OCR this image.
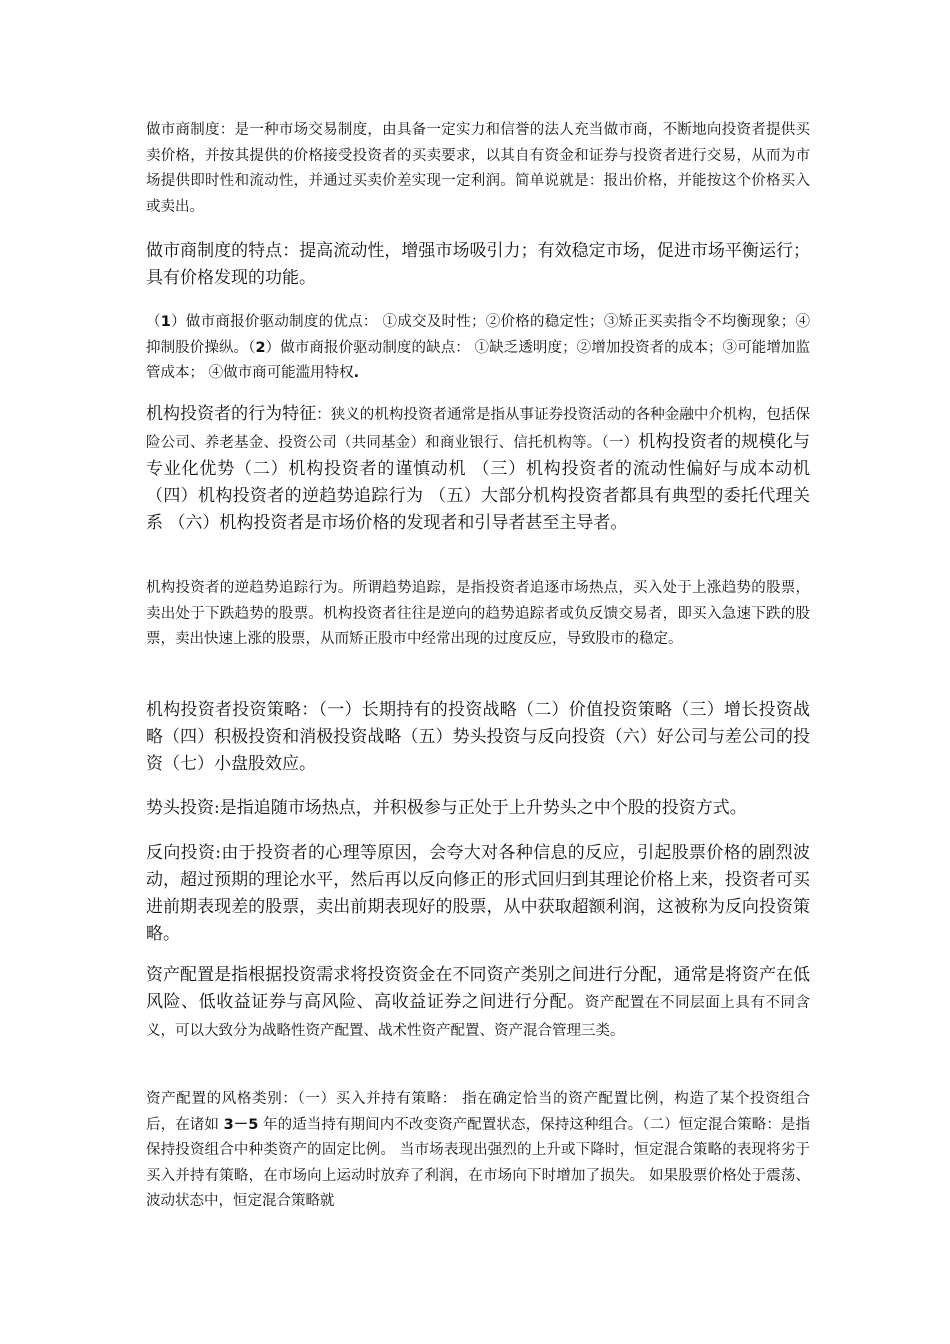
做市商制度：是一种市场交易制度，由具备一定实力和信誉的法人充当做市商，不断地向投资者提供买卖价格，并按其提供的价格接受投资者的买卖要求，以其自有资金和证券与投资者进行交易，从而为市场提供即时性和流动性，并通过买卖价差实现一定利润。简单说就是：报出价格，并能按这个价格买入或卖出。

做市商制度的特点：提高流动性，增强市场吸引力；有效稳定市场，促进市场平衡运行；具有价格发现的功能。

（1）做市商报价驱动制度的优点： ①成交及时性；②价格的稳定性；③矫正买卖指令不均衡现象；④抑制股价操纵。（2）做市商报价驱动制度的缺点： ①缺乏透明度；②增加投资者的成本；③可能增加监管成本； ④做市商可能滥用特权.

机构投资者的行为特征：狭义的机构投资者通常是指从事证券投资活动的各种金融中介机构，包括保险公司、养老基金、投资公司（共同基金）和商业银行、信托机构等。（一）机构投资者的规模化与专业化优势（二）机构投资者的谨慎动机 （三）机构投资者的流动性偏好与成本动机（四）机构投资者的逆趋势追踪行为 （五）大部分机构投资者都具有典型的委托代理关系 （六）机构投资者是市场价格的发现者和引导者甚至主导者。

机构投资者的逆趋势追踪行为。所谓趋势追踪，是指投资者追逐市场热点，买入处于上涨趋势的股票，卖出处于下跌趋势的股票。机构投资者往往是逆向的趋势追踪者或负反馈交易者，即买入急速下跌的股票，卖出快速上涨的股票，从而矫正股市中经常出现的过度反应，导致股市的稳定。

机构投资者投资策略：（一）长期持有的投资战略（二）价值投资策略（三）增长投资战略（四）积极投资和消极投资战略（五）势头投资与反向投资（六）好公司与差公司的投资（七）小盘股效应。

势头投资:是指追随市场热点，并积极参与正处于上升势头之中个股的投资方式。

反向投资:由于投资者的心理等原因，会夸大对各种信息的反应，引起股票价格的剧烈波动，超过预期的理论水平，然后再以反向修正的形式回归到其理论价格上来，投资者可买进前期表现差的股票，卖出前期表现好的股票，从中获取超额利润，这被称为反向投资策略。

资产配置是指根据投资需求将投资资金在不同资产类别之间进行分配，通常是将资产在低风险、低收益证券与高风险、高收益证券之间进行分配。资产配置在不同层面上具有不同含义，可以大致分为战略性资产配置、战术性资产配置、资产混合管理三类。

资产配置的风格类别：（一）买入并持有策略： 指在确定恰当的资产配置比例，构造了某个投资组合后，在诸如 3－5 年的适当持有期间内不改变资产配置状态，保持这种组合。（二）恒定混合策略：是指保持投资组合中种类资产的固定比例。 当市场表现出强烈的上升或下降时，恒定混合策略的表现将劣于买入并持有策略，在市场向上运动时放弃了利润，在市场向下时增加了损失。 如果股票价格处于震荡、波动状态中，恒定混合策略就
